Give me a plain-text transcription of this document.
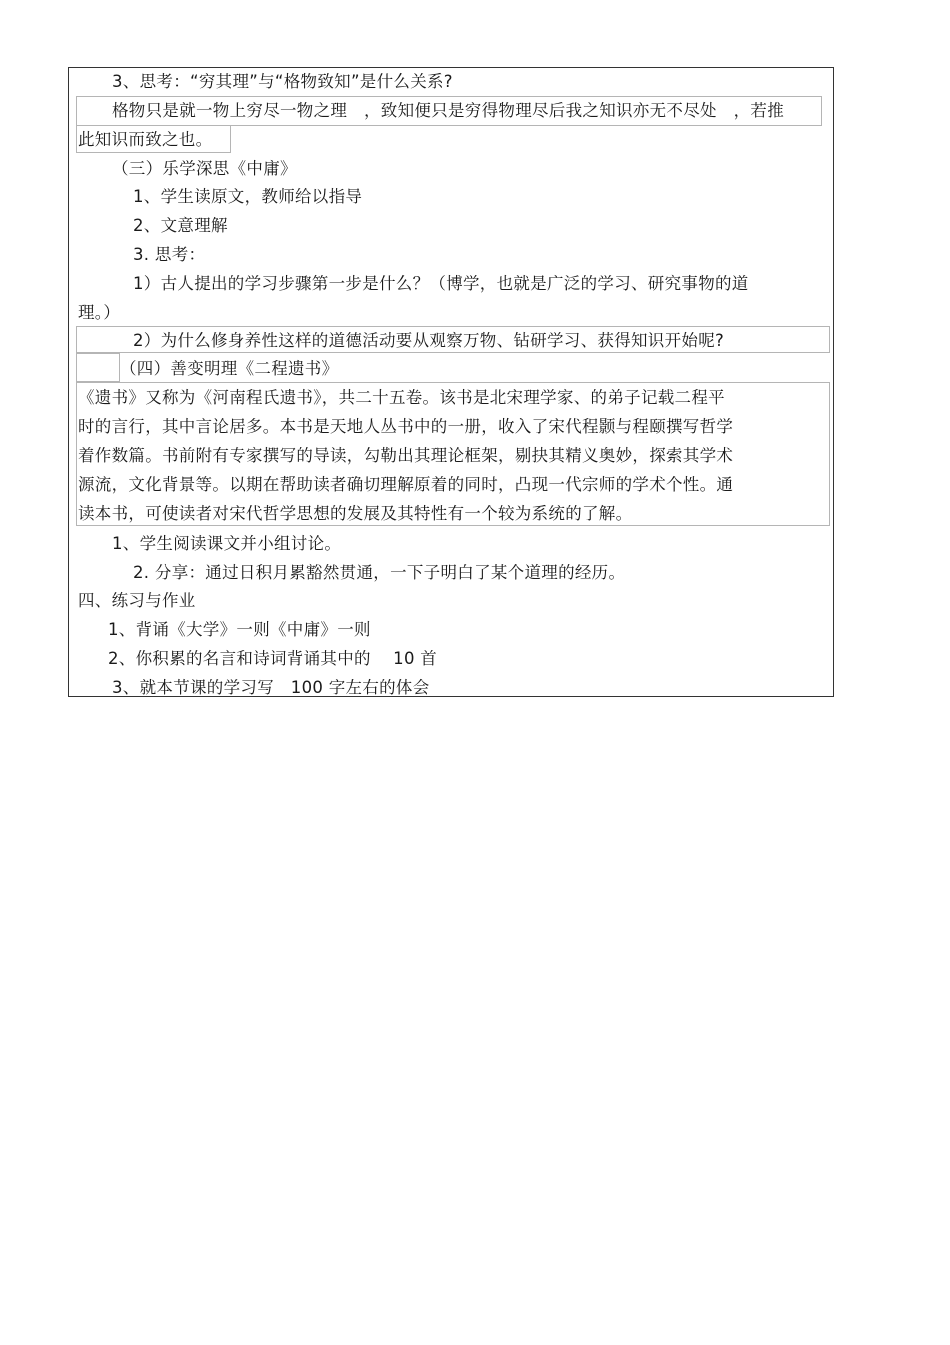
3、思考：“穷其理”与“格物致知”是什么关系?
格物只是就一物上穷尽一物之理　，致知便只是穷得物理尽后我之知识亦无不尽处　，若推
此知识而致之也。
（三）乐学深思《中庸》
1、学生读原文，教师给以指导
2、文意理解
3. 思考：
1）古人提出的学习步骤第一步是什么？（博学，也就是广泛的学习、研究事物的道
理。）
2）为什么修身养性这样的道德活动要从观察万物、钻研学习、获得知识开始呢?
（四）善变明理《二程遗书》
《遗书》又称为《河南程氏遗书》，共二十五卷。该书是北宋理学家、的弟子记载二程平
时的言行，其中言论居多。本书是天地人丛书中的一册，收入了宋代程颢与程颐撰写哲学
着作数篇。书前附有专家撰写的导读，勾勒出其理论框架，剔抉其精义奥妙，探索其学术
源流，文化背景等。以期在帮助读者确切理解原着的同时，凸现一代宗师的学术个性。通
读本书，可使读者对宋代哲学思想的发展及其特性有一个较为系统的了解。
1、学生阅读课文并小组讨论。
2. 分享：通过日积月累豁然贯通，一下子明白了某个道理的经历。
四、练习与作业
1、背诵《大学》一则《中庸》一则
2、你积累的名言和诗词背诵其中的　 10 首
3、就本节课的学习写　100 字左右的体会
